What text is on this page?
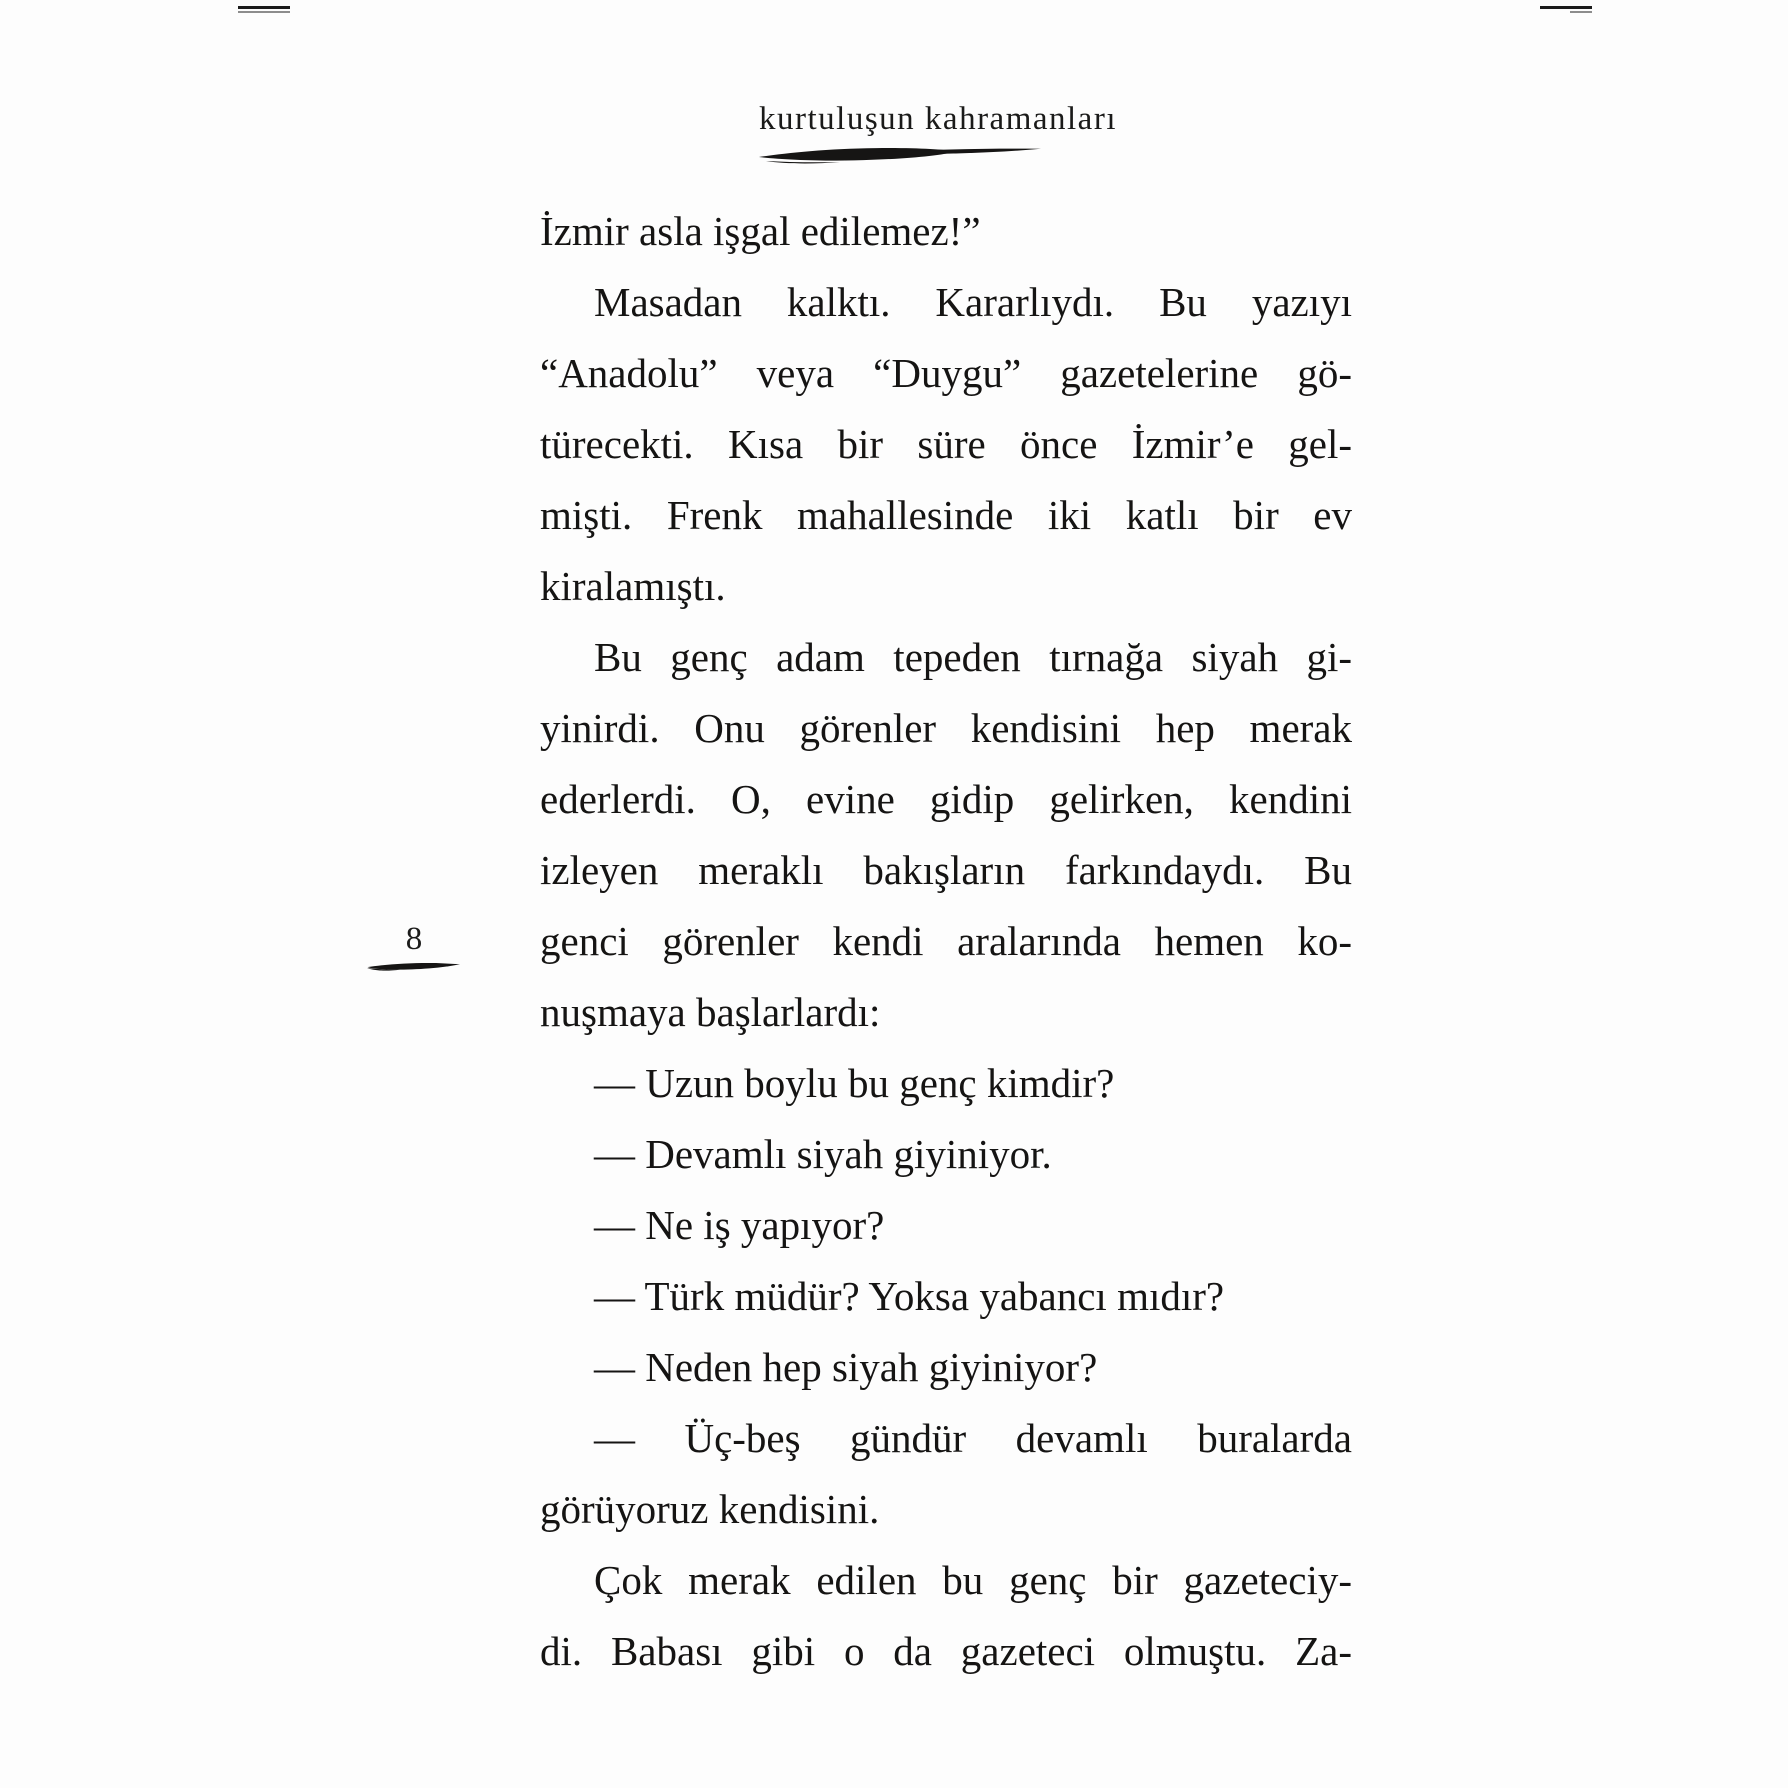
kurtuluşun kahramanları
8

İzmir asla işgal edilemez!”

Masadan kalktı. Kararlıydı. Bu yazıyı
“Anadolu” veya “Duygu” gazetelerine gö-
türecekti. Kısa bir süre önce İzmir’e gel-
mişti. Frenk mahallesinde iki katlı bir ev
kiralamıştı.

Bu genç adam tepeden tırnağa siyah gi-
yinirdi. Onu görenler kendisini hep merak
ederlerdi. O, evine gidip gelirken, kendini
izleyen meraklı bakışların farkındaydı. Bu
genci görenler kendi aralarında hemen ko-
nuşmaya başlarlardı:

— Uzun boylu bu genç kimdir?

— Devamlı siyah giyiniyor.

— Ne iş yapıyor?

— Türk müdür? Yoksa yabancı mıdır?

— Neden hep siyah giyiniyor?

— Üç-beş gündür devamlı buralarda
görüyoruz kendisini.

Çok merak edilen bu genç bir gazeteciy-
di. Babası gibi o da gazeteci olmuştu. Za-
